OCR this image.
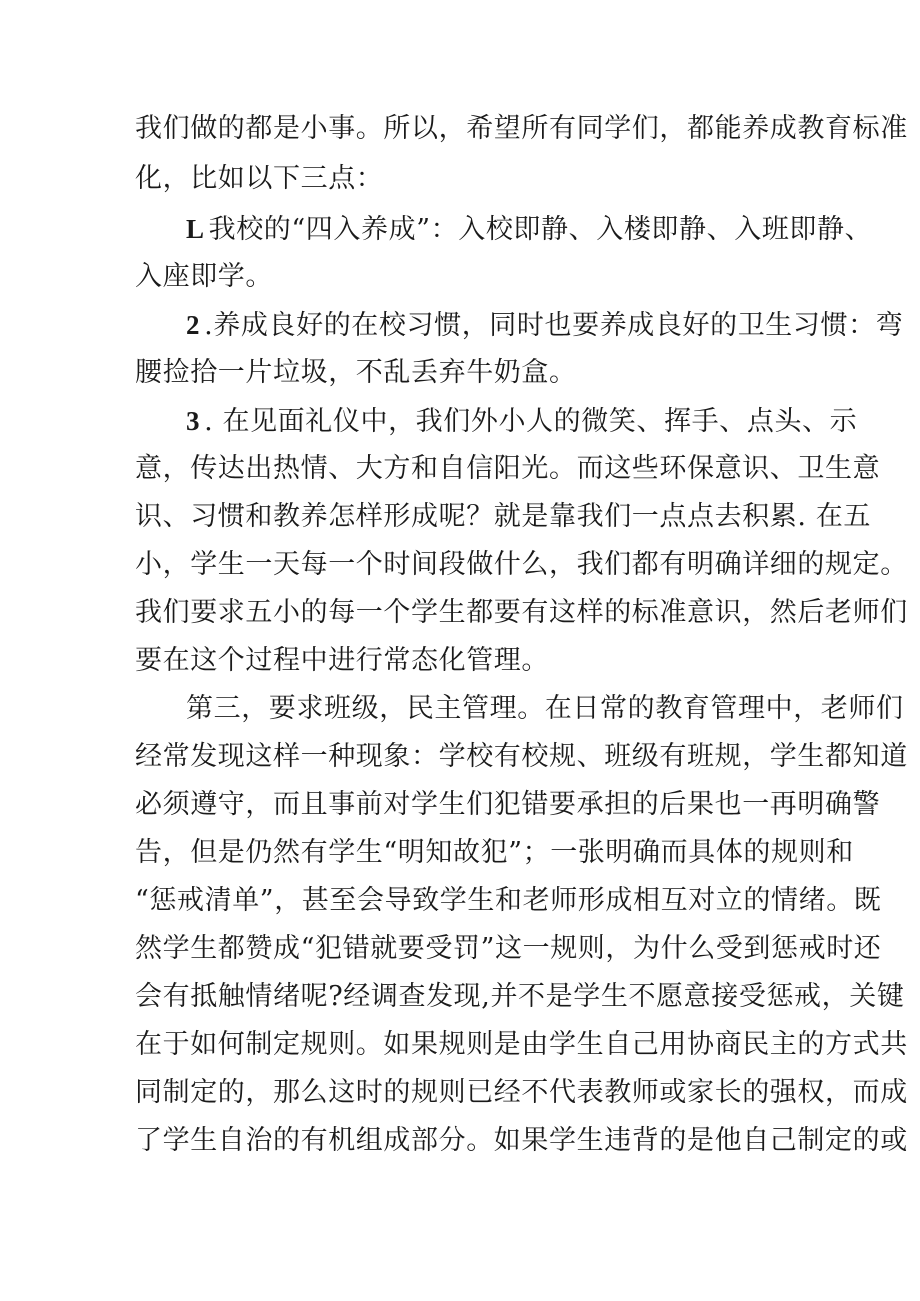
我们做的都是小事。所以，希望所有同学们，都能养成教育标准
化，比如以下三点：
L 我校的“四入养成”：入校即静、入楼即静、入班即静、
入座即学。
2 .养成良好的在校习惯，同时也要养成良好的卫生习惯：弯
腰捡拾一片垃圾，不乱丢弃牛奶盒。
3 . 在见面礼仪中，我们外小人的微笑、挥手、点头、示
意，传达出热情、大方和自信阳光。而这些环保意识、卫生意
识、习惯和教养怎样形成呢？就是靠我们一点点去积累. 在五
小，学生一天每一个时间段做什么，我们都有明确详细的规定。
我们要求五小的每一个学生都要有这样的标准意识，然后老师们
要在这个过程中进行常态化管理。
第三，要求班级，民主管理。在日常的教育管理中，老师们
经常发现这样一种现象：学校有校规、班级有班规，学生都知道
必须遵守，而且事前对学生们犯错要承担的后果也一再明确警
告，但是仍然有学生“明知故犯”；一张明确而具体的规则和
“惩戒清单”，甚至会导致学生和老师形成相互对立的情绪。既
然学生都赞成“犯错就要受罚”这一规则，为什么受到惩戒时还
会有抵触情绪呢?经调查发现,并不是学生不愿意接受惩戒，关键
在于如何制定规则。如果规则是由学生自己用协商民主的方式共
同制定的，那么这时的规则已经不代表教师或家长的强权，而成
了学生自治的有机组成部分。如果学生违背的是他自己制定的或
